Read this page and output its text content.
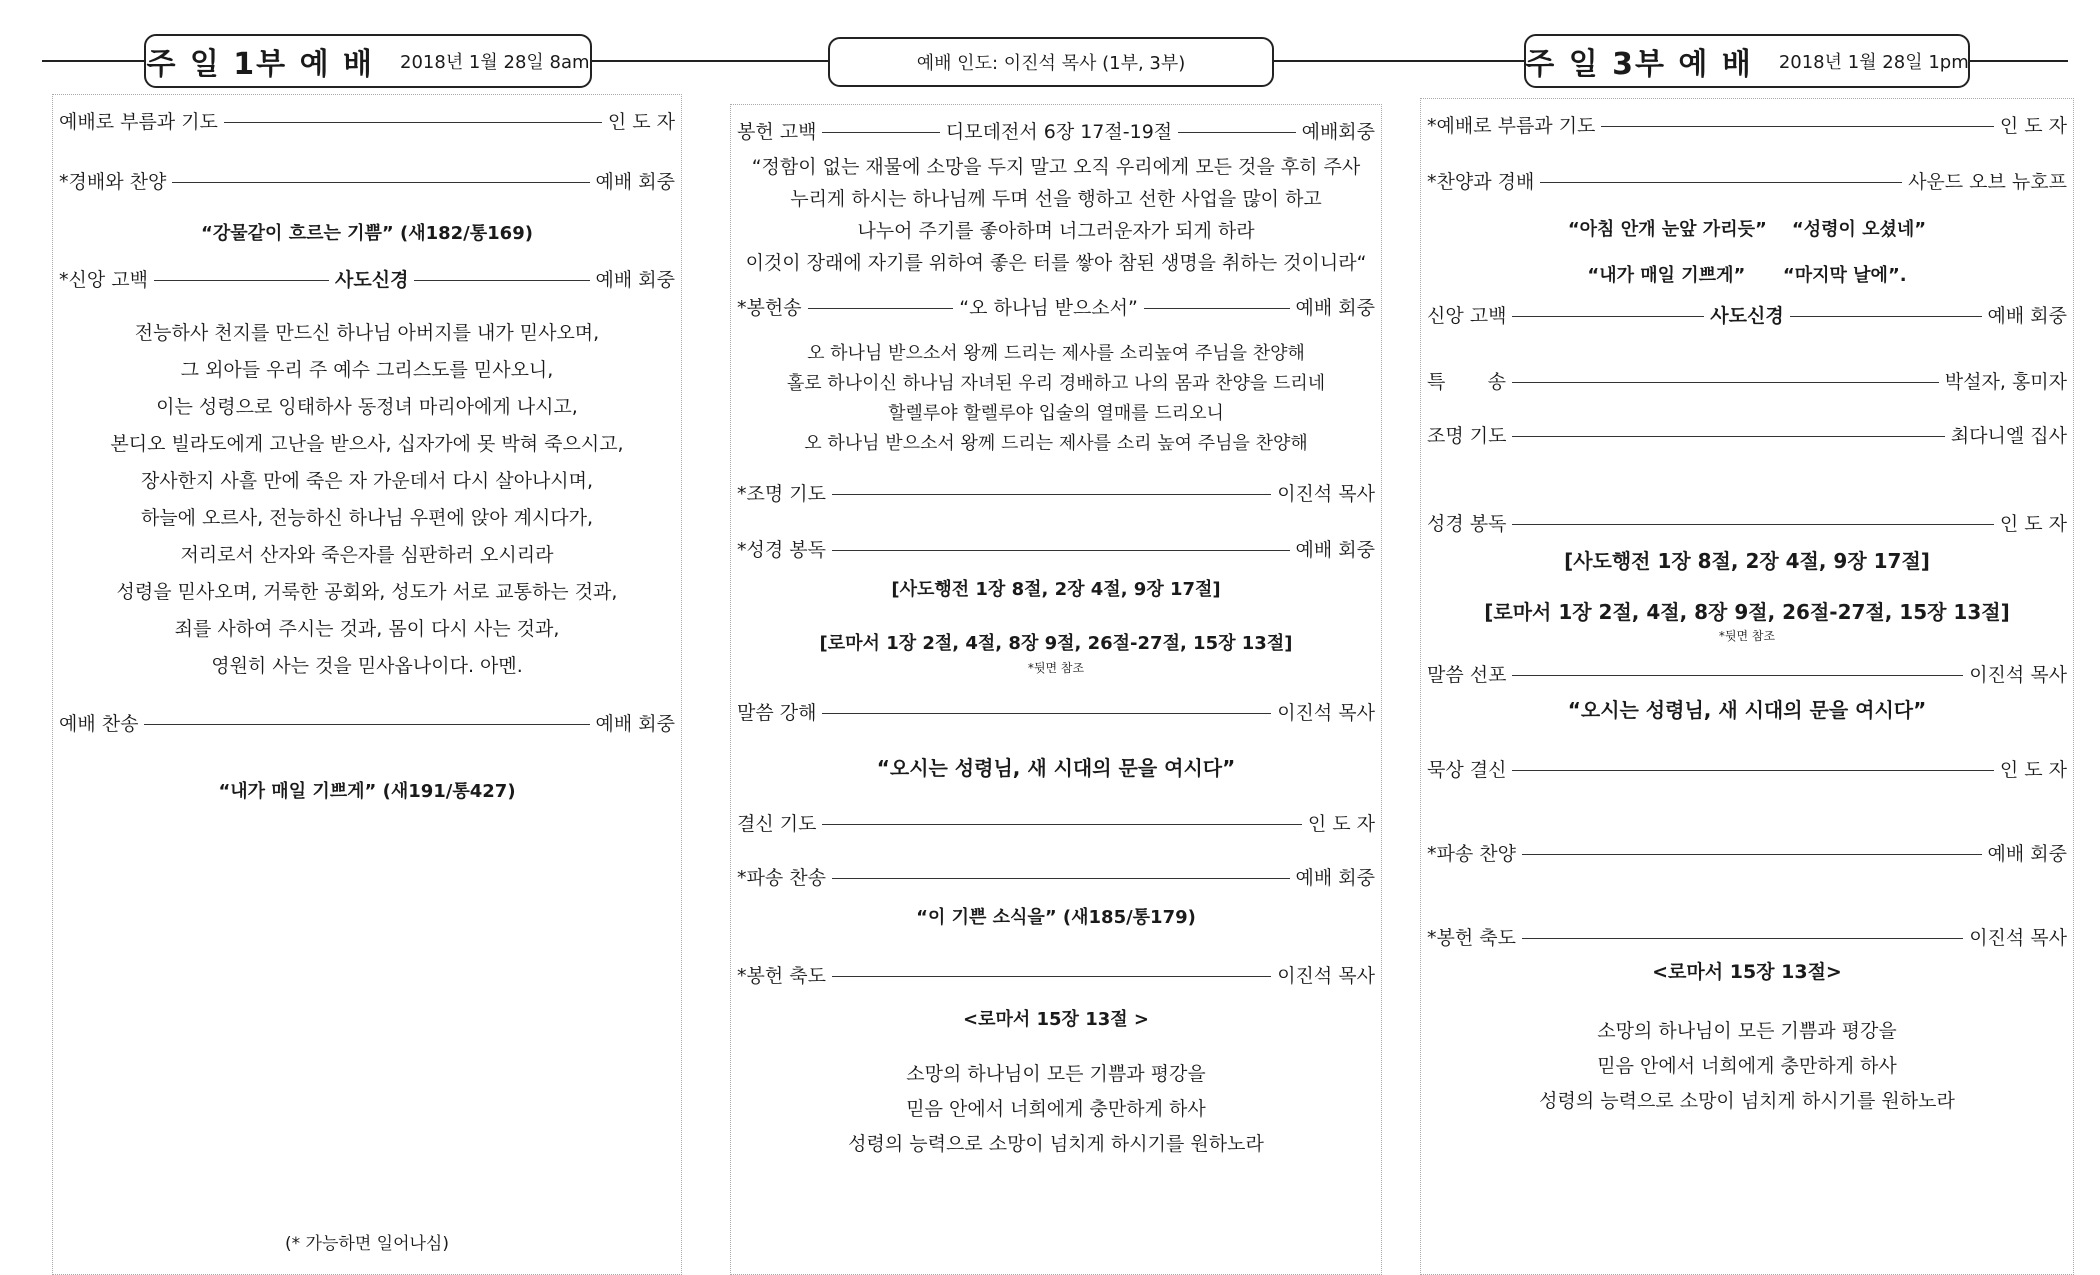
주 일 1부 예 배 2018년 1월 28일 8am	예배 인도: 이진석 목사 (1부, 3부)	주 일 3부 예 배 2018년 1월 28일 1pm
예배로 부름과 기도	인 도 자
*경배와 찬양	예배 회중
“강물같이 흐르는 기쁨” (새182/통169)
*신앙 고백	사도신경	예배 회중

전능하사 천지를 만드신 하나님 아버지를 내가 믿사오며,

그 외아들 우리 주 예수 그리스도를 믿사오니,

이는 성령으로 잉태하사 동정녀 마리아에게 나시고,

본디오 빌라도에게 고난을 받으사, 십자가에 못 박혀 죽으시고,

장사한지 사흘 만에 죽은 자 가운데서 다시 살아나시며,

하늘에 오르사, 전능하신 하나님 우편에 앉아 계시다가,

저리로서 산자와 죽은자를 심판하러 오시리라

성령을 믿사오며, 거룩한 공회와, 성도가 서로 교통하는 것과,

죄를 사하여 주시는 것과, 몸이 다시 사는 것과,

영원히 사는 것을 믿사옵나이다. 아멘.

예배 찬송	예배 회중
“내가 매일 기쁘게” (새191/통427)
(* 가능하면 일어나심)
봉헌 고백	디모데전서 6장 17절-19절	예배회중

“정함이 없는 재물에 소망을 두지 말고 오직 우리에게 모든 것을 후히 주사

누리게 하시는 하나님께 두며 선을 행하고 선한 사업을 많이 하고

나누어 주기를 좋아하며 너그러운자가 되게 하라

이것이 장래에 자기를 위하여 좋은 터를 쌓아 참된 생명을 취하는 것이니라“

*봉헌송	“오 하나님 받으소서”	예배 회중

오 하나님 받으소서 왕께 드리는 제사를 소리높여 주님을 찬양해

홀로 하나이신 하나님 자녀된 우리 경배하고 나의 몸과 찬양을 드리네

할렐루야 할렐루야 입술의 열매를 드리오니

오 하나님 받으소서 왕께 드리는 제사를 소리 높여 주님을 찬양해

*조명 기도	이진석 목사
*성경 봉독	예배 회중
[사도행전 1장 8절, 2장 4절, 9장 17절]
[로마서 1장 2절, 4절, 8장 9절, 26절-27절, 15장 13절]
*뒷면 참조
말씀 강해	이진석 목사
“오시는 성령님, 새 시대의 문을 여시다”
결신 기도	인 도 자
*파송 찬송	예배 회중
“이 기쁜 소식을” (새185/통179)
*봉헌 축도	이진석 목사
<로마서 15장 13절 >

소망의 하나님이 모든 기쁨과 평강을

믿음 안에서 너희에게 충만하게 하사

성령의 능력으로 소망이 넘치게 하시기를 원하노라

*예배로 부름과 기도	인 도 자
*찬양과 경배	사운드 오브 뉴호프
“아침 안개 눈앞 가리듯” “성령이 오셨네”
“내가 매일 기쁘게” “마지막 날에”.
신앙 고백	사도신경	예배 회중
특       송	박설자, 홍미자
조명 기도	최다니엘 집사
성경 봉독	인 도 자
[사도행전 1장 8절, 2장 4절, 9장 17절]
[로마서 1장 2절, 4절, 8장 9절, 26절-27절, 15장 13절]
*뒷면 참조
말씀 선포	이진석 목사
“오시는 성령님, 새 시대의 문을 여시다”
묵상 결신	인 도 자
*파송 찬양	예배 회중
*봉헌 축도	이진석 목사
<로마서 15장 13절>

소망의 하나님이 모든 기쁨과 평강을

믿음 안에서 너희에게 충만하게 하사

성령의 능력으로 소망이 넘치게 하시기를 원하노라
